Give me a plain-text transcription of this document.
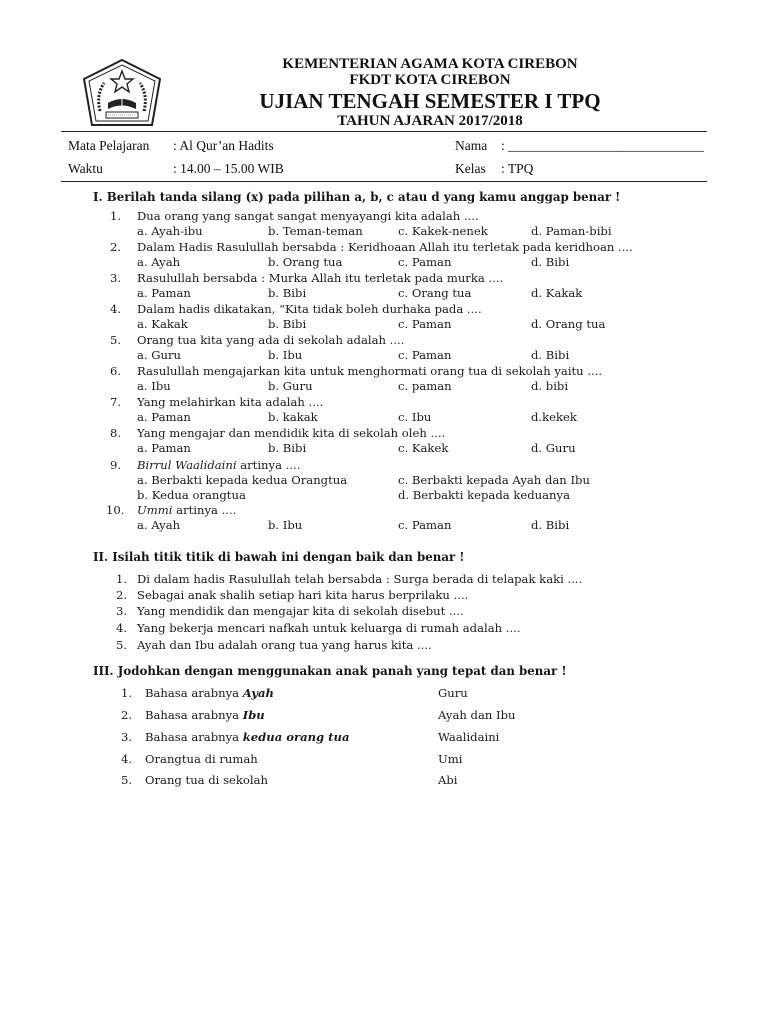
KEMENTERIAN AGAMA KOTA CIREBON
FKDT KOTA CIREBON
UJIAN TENGAH SEMESTER I TPQ
TAHUN AJARAN 2017/2018
Mata Pelajaran : Al Qur’an Hadits	Nama : _____________________________
Waktu	: 14.00 – 15.00 WIB	Kelas : TPQ
I. Berilah tanda silang (x) pada pilihan a, b, c atau d yang kamu anggap benar !
1. Dua orang yang sangat sangat menyayangi kita adalah ....
a. Ayah-ibu	b. Teman-teman	c. Kakek-nenek	d. Paman-bibi
2. Dalam Hadis Rasulullah bersabda : Keridhoaan Allah itu terletak pada keridhoan ....
a. Ayah	b. Orang tua	c. Paman	d. Bibi
3. Rasulullah bersabda : Murka Allah itu terletak pada murka ....
a. Paman	b. Bibi	c. Orang tua	d. Kakak
4. Dalam hadis dikatakan, “Kita tidak boleh durhaka pada ....
a. Kakak	b. Bibi	c. Paman	d. Orang tua
5. Orang tua kita yang ada di sekolah adalah ....
a. Guru	b. Ibu	c. Paman	d. Bibi
6. Rasulullah mengajarkan kita untuk menghormati orang tua di sekolah yaitu ....
a. Ibu	b. Guru	c. paman	d. bibi
7. Yang melahirkan kita adalah ....
a. Paman	b. kakak	c. Ibu	d.kekek
8. Yang mengajar dan mendidik kita di sekolah oleh ....
a. Paman	b. Bibi	c. Kakek	d. Guru
9. Birrul Waalidaini artinya ....
a. Berbakti kepada kedua Orangtua
b. Kedua orangtua
c. Berbakti kepada Ayah dan Ibu
d. Berbakti kepada keduanya
10. Ummi artinya ....
a. Ayah	b. Ibu	c. Paman	d. Bibi
II. Isilah titik titik di bawah ini dengan baik dan benar !
1. Di dalam hadis Rasulullah telah bersabda : Surga berada di telapak kaki ....
2. Sebagai anak shalih setiap hari kita harus berprilaku ....
3. Yang mendidik dan mengajar kita di sekolah disebut ....
4. Yang bekerja mencari nafkah untuk keluarga di rumah adalah ....
5. Ayah dan Ibu adalah orang tua yang harus kita ....
III. Jodohkan dengan menggunakan anak panah yang tepat dan benar !
1. Bahasa arabnya Ayah	Guru
2. Bahasa arabnya Ibu	Ayah dan Ibu
3. Bahasa arabnya kedua orang tua	Waalidaini
4. Orangtua di rumah	Umi
5. Orang tua di sekolah	Abi
